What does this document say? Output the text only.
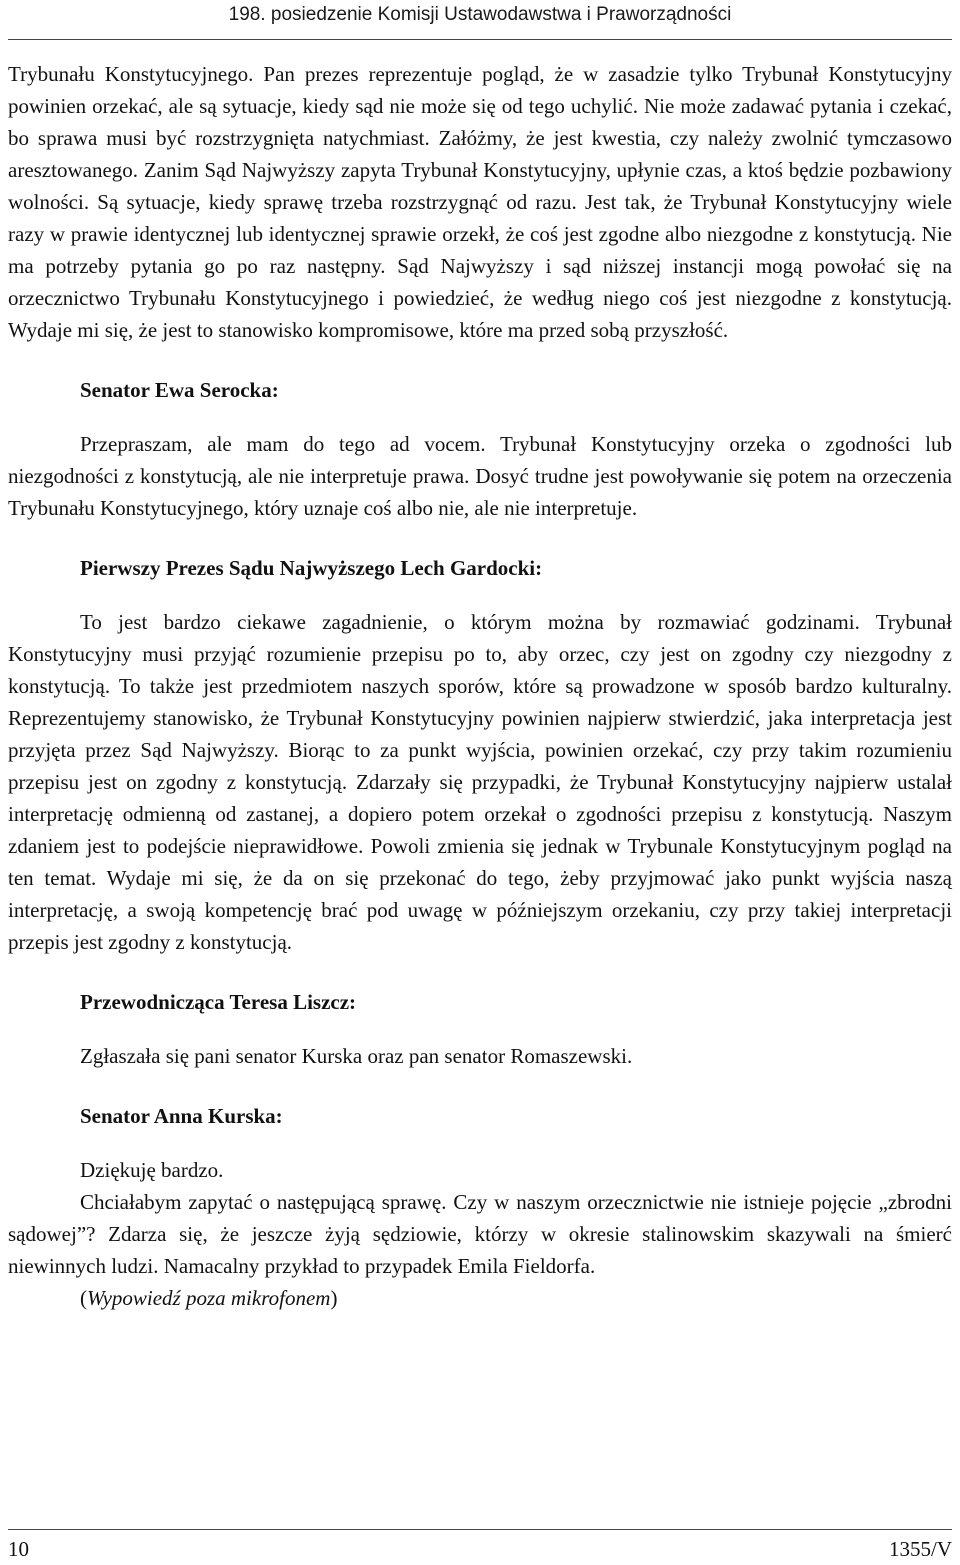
198. posiedzenie Komisji Ustawodawstwa i Praworządności

Trybunału Konstytucyjnego. Pan prezes reprezentuje pogląd, że w zasadzie tylko Trybunał Konstytucyjny powinien orzekać, ale są sytuacje, kiedy sąd nie może się od tego uchylić. Nie może zadawać pytania i czekać, bo sprawa musi być rozstrzygnięta natychmiast. Załóżmy, że jest kwestia, czy należy zwolnić tymczasowo aresztowanego. Zanim Sąd Najwyższy zapyta Trybunał Konstytucyjny, upłynie czas, a ktoś będzie pozbawiony wolności. Są sytuacje, kiedy sprawę trzeba rozstrzygnąć od razu. Jest tak, że Trybunał Konstytucyjny wiele razy w prawie identycznej lub identycznej sprawie orzekł, że coś jest zgodne albo niezgodne z konstytucją. Nie ma potrzeby pytania go po raz następny. Sąd Najwyższy i sąd niższej instancji mogą powołać się na orzecznictwo Trybunału Konstytucyjnego i powiedzieć, że według niego coś jest niezgodne z konstytucją. Wydaje mi się, że jest to stanowisko kompromisowe, które ma przed sobą przyszłość.

Senator Ewa Serocka:

Przepraszam, ale mam do tego ad vocem. Trybunał Konstytucyjny orzeka o zgodności lub niezgodności z konstytucją, ale nie interpretuje prawa. Dosyć trudne jest powoływanie się potem na orzeczenia Trybunału Konstytucyjnego, który uznaje coś albo nie, ale nie interpretuje.

Pierwszy Prezes Sądu Najwyższego Lech Gardocki:

To jest bardzo ciekawe zagadnienie, o którym można by rozmawiać godzinami. Trybunał Konstytucyjny musi przyjąć rozumienie przepisu po to, aby orzec, czy jest on zgodny czy niezgodny z konstytucją. To także jest przedmiotem naszych sporów, które są prowadzone w sposób bardzo kulturalny. Reprezentujemy stanowisko, że Trybunał Konstytucyjny powinien najpierw stwierdzić, jaka interpretacja jest przyjęta przez Sąd Najwyższy. Biorąc to za punkt wyjścia, powinien orzekać, czy przy takim rozumieniu przepisu jest on zgodny z konstytucją. Zdarzały się przypadki, że Trybunał Konstytucyjny najpierw ustalał interpretację odmienną od zastanej, a dopiero potem orzekał o zgodności przepisu z konstytucją. Naszym zdaniem jest to podejście nieprawidłowe. Powoli zmienia się jednak w Trybunale Konstytucyjnym pogląd na ten temat. Wydaje mi się, że da on się przekonać do tego, żeby przyjmować jako punkt wyjścia naszą interpretację, a swoją kompetencję brać pod uwagę w późniejszym orzekaniu, czy przy takiej interpretacji przepis jest zgodny z konstytucją.

Przewodnicząca Teresa Liszcz:

Zgłaszała się pani senator Kurska oraz pan senator Romaszewski.

Senator Anna Kurska:

Dziękuję bardzo.

Chciałabym zapytać o następującą sprawę. Czy w naszym orzecznictwie nie istnieje pojęcie „zbrodni sądowej”? Zdarza się, że jeszcze żyją sędziowie, którzy w okresie stalinowskim skazywali na śmierć niewinnych ludzi. Namacalny przykład to przypadek Emila Fieldorfa.

(Wypowiedź poza mikrofonem)

10	1355/V
